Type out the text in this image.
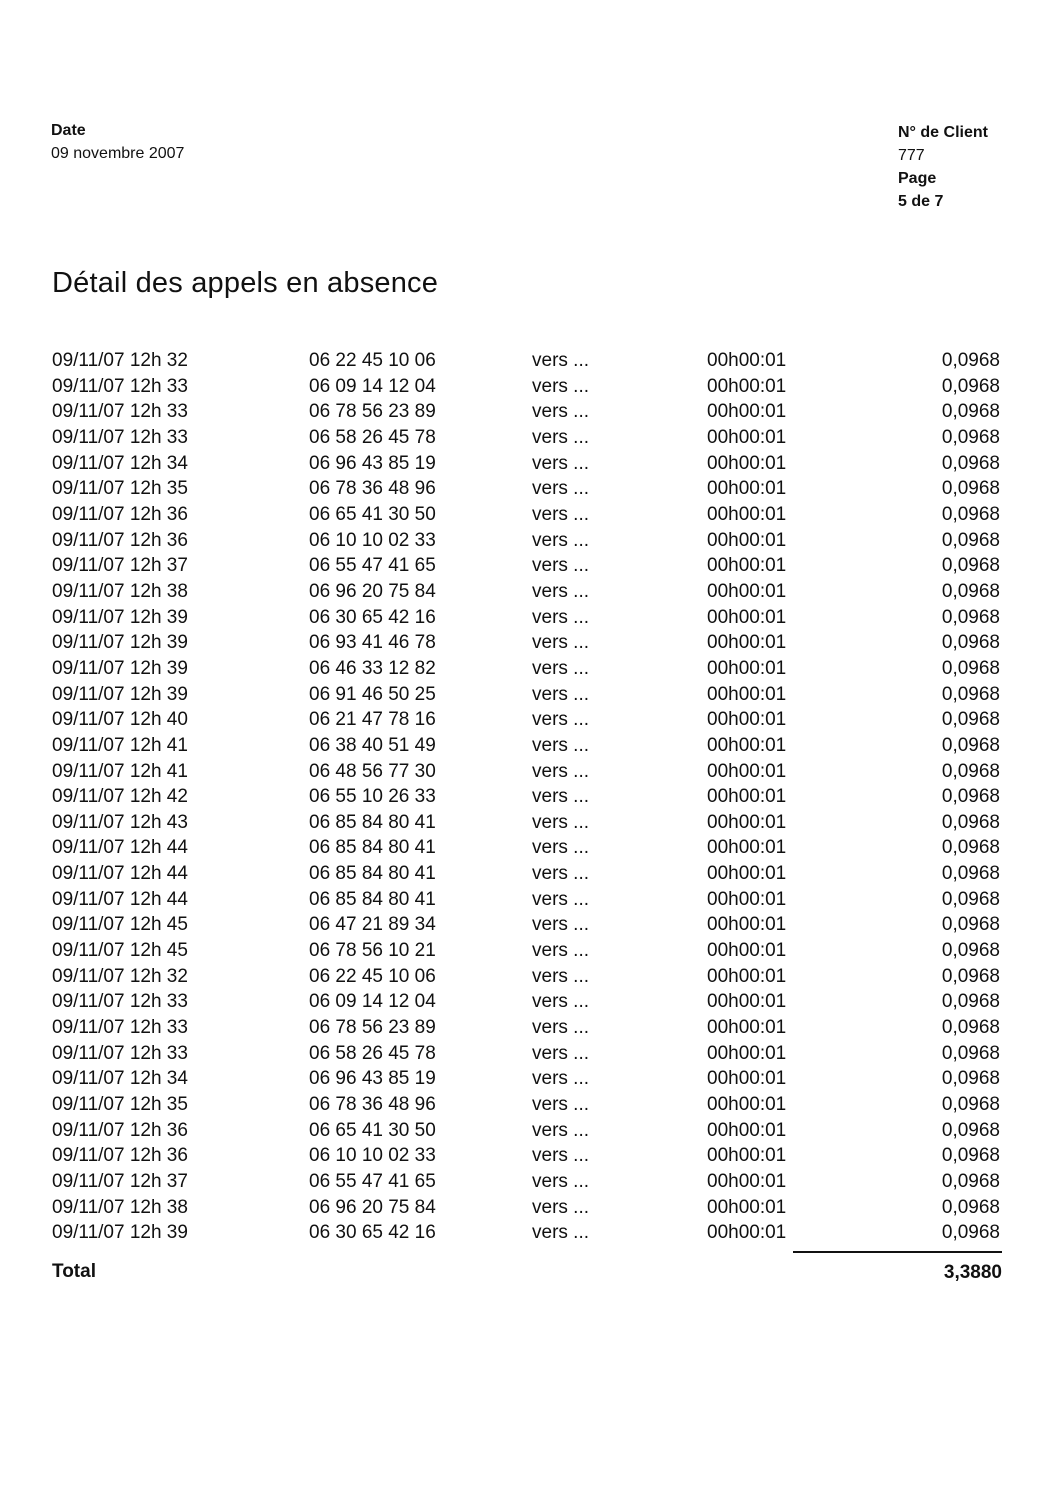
Date
09 novembre 2007
N° de Client
777
Page
5 de 7
Détail des appels en absence
09/11/07 12h 32	06 22 45 10 06	vers ...	00h00:01	0,0968
09/11/07 12h 33	06 09 14 12 04	vers ...	00h00:01	0,0968
09/11/07 12h 33	06 78 56 23 89	vers ...	00h00:01	0,0968
09/11/07 12h 33	06 58 26 45 78	vers ...	00h00:01	0,0968
09/11/07 12h 34	06 96 43 85 19	vers ...	00h00:01	0,0968
09/11/07 12h 35	06 78 36 48 96	vers ...	00h00:01	0,0968
09/11/07 12h 36	06 65 41 30 50	vers ...	00h00:01	0,0968
09/11/07 12h 36	06 10 10 02 33	vers ...	00h00:01	0,0968
09/11/07 12h 37	06 55 47 41 65	vers ...	00h00:01	0,0968
09/11/07 12h 38	06 96 20 75 84	vers ...	00h00:01	0,0968
09/11/07 12h 39	06 30 65 42 16	vers ...	00h00:01	0,0968
09/11/07 12h 39	06 93 41 46 78	vers ...	00h00:01	0,0968
09/11/07 12h 39	06 46 33 12 82	vers ...	00h00:01	0,0968
09/11/07 12h 39	06 91 46 50 25	vers ...	00h00:01	0,0968
09/11/07 12h 40	06 21 47 78 16	vers ...	00h00:01	0,0968
09/11/07 12h 41	06 38 40 51 49	vers ...	00h00:01	0,0968
09/11/07 12h 41	06 48 56 77 30	vers ...	00h00:01	0,0968
09/11/07 12h 42	06 55 10 26 33	vers ...	00h00:01	0,0968
09/11/07 12h 43	06 85 84 80 41	vers ...	00h00:01	0,0968
09/11/07 12h 44	06 85 84 80 41	vers ...	00h00:01	0,0968
09/11/07 12h 44	06 85 84 80 41	vers ...	00h00:01	0,0968
09/11/07 12h 44	06 85 84 80 41	vers ...	00h00:01	0,0968
09/11/07 12h 45	06 47 21 89 34	vers ...	00h00:01	0,0968
09/11/07 12h 45	06 78 56 10 21	vers ...	00h00:01	0,0968
09/11/07 12h 32	06 22 45 10 06	vers ...	00h00:01	0,0968
09/11/07 12h 33	06 09 14 12 04	vers ...	00h00:01	0,0968
09/11/07 12h 33	06 78 56 23 89	vers ...	00h00:01	0,0968
09/11/07 12h 33	06 58 26 45 78	vers ...	00h00:01	0,0968
09/11/07 12h 34	06 96 43 85 19	vers ...	00h00:01	0,0968
09/11/07 12h 35	06 78 36 48 96	vers ...	00h00:01	0,0968
09/11/07 12h 36	06 65 41 30 50	vers ...	00h00:01	0,0968
09/11/07 12h 36	06 10 10 02 33	vers ...	00h00:01	0,0968
09/11/07 12h 37	06 55 47 41 65	vers ...	00h00:01	0,0968
09/11/07 12h 38	06 96 20 75 84	vers ...	00h00:01	0,0968
09/11/07 12h 39	06 30 65 42 16	vers ...	00h00:01	0,0968
Total	3,3880
